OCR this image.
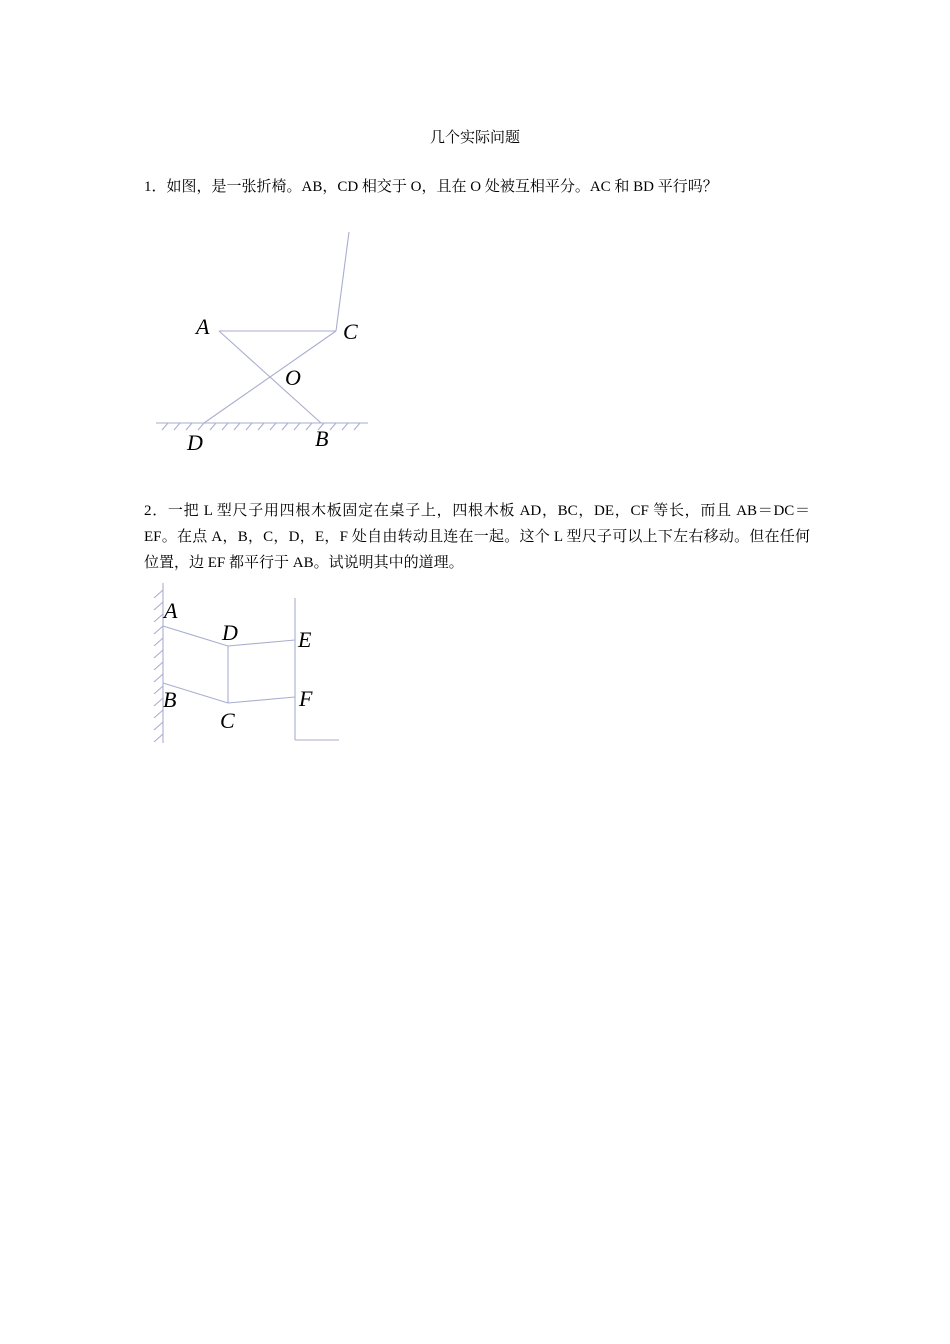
几个实际问题
1．如图，是一张折椅。AB，CD 相交于 O，且在 O 处被互相平分。AC 和 BD 平行吗？
2．一把 L 型尺子用四根木板固定在桌子上，四根木板 AD，BC，DE，CF 等长，而且 AB＝DC＝EF。在点 A，B，C，D，E，F 处自由转动且连在一起。这个 L 型尺子可以上下左右移动。但在任何位置，边 EF 都平行于 AB。试说明其中的道理。
A	C
O
D	B
A
D	E
B	F
C
